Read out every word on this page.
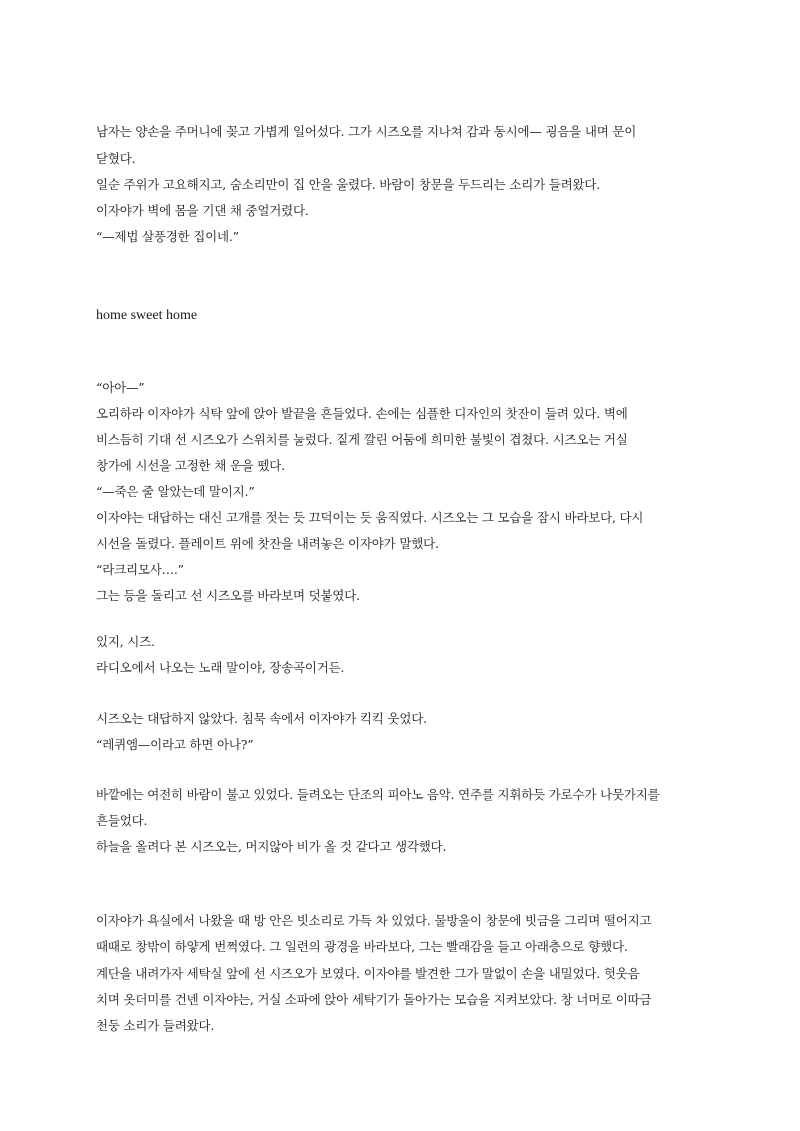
남자는 양손을 주머니에 꽂고 가볍게 일어섰다. 그가 시즈오를 지나쳐 감과 동시에— 굉음을 내며 문이
닫혔다.
일순 주위가 고요해지고, 숨소리만이 집 안을 울렸다. 바람이 창문을 두드리는 소리가 들려왔다.
이자야가 벽에 몸을 기댄 채 중얼거렸다.
“—제법 살풍경한 집이네.”
home sweet home
“아아—”
오리하라 이자야가 식탁 앞에 앉아 발끝을 흔들었다. 손에는 심플한 디자인의 찻잔이 들려 있다. 벽에
비스듬히 기대 선 시즈오가 스위치를 눌렀다. 짙게 깔린 어둠에 희미한 불빛이 겹쳤다. 시즈오는 거실
창가에 시선을 고정한 채 운을 뗐다.
“—죽은 줄 알았는데 말이지.”
이자야는 대답하는 대신 고개를 젓는 듯 끄덕이는 듯 움직였다. 시즈오는 그 모습을 잠시 바라보다, 다시
시선을 돌렸다. 플레이트 위에 찻잔을 내려놓은 이자야가 말했다.
“라크리모사….”
그는 등을 돌리고 선 시즈오를 바라보며 덧붙였다.
있지, 시즈.
라디오에서 나오는 노래 말이야, 장송곡이거든.
시즈오는 대답하지 않았다. 침묵 속에서 이자야가 킥킥 웃었다.
“레퀴엠—이라고 하면 아나?”
바깥에는 여전히 바람이 불고 있었다. 들려오는 단조의 피아노 음악. 연주를 지휘하듯 가로수가 나뭇가지를
흔들었다.
하늘을 올려다 본 시즈오는, 머지않아 비가 올 것 같다고 생각했다.
이자야가 욕실에서 나왔을 때 방 안은 빗소리로 가득 차 있었다. 물방울이 창문에 빗금을 그리며 떨어지고
때때로 창밖이 하얗게 번쩍였다. 그 일련의 광경을 바라보다, 그는 빨래감을 들고 아래층으로 향했다.
계단을 내려가자 세탁실 앞에 선 시즈오가 보였다. 이자야를 발견한 그가 말없이 손을 내밀었다. 헛웃음
치며 옷더미를 건넨 이자야는, 거실 소파에 앉아 세탁기가 돌아가는 모습을 지켜보았다. 창 너머로 이따금
천둥 소리가 들려왔다.
